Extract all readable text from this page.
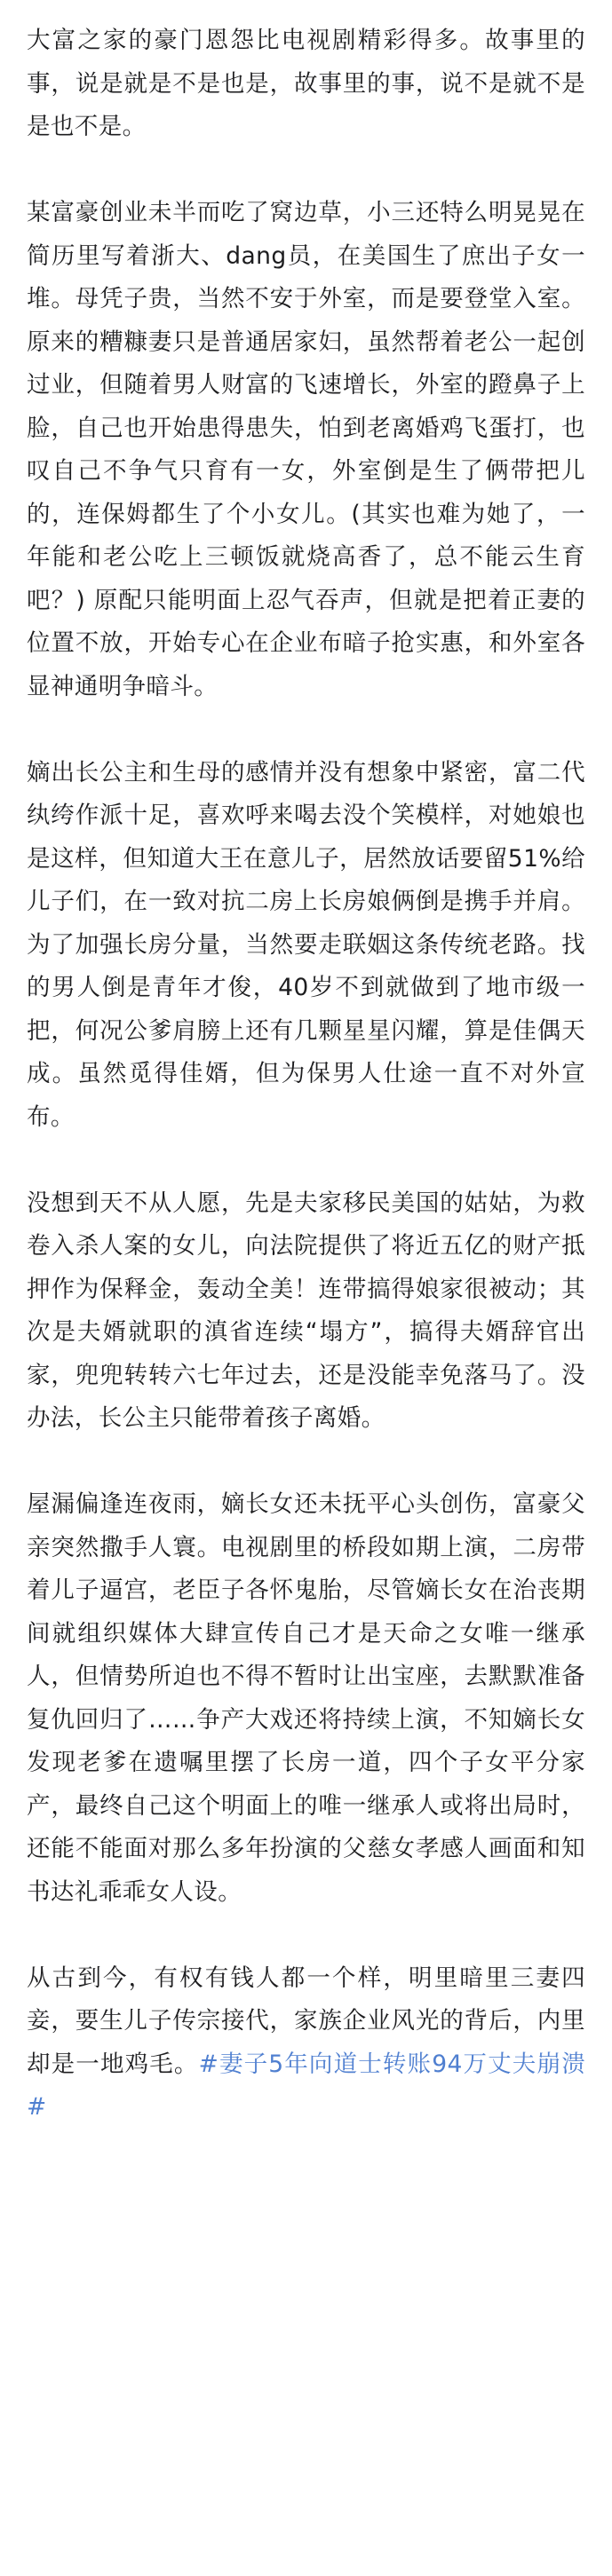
大富之家的豪门恩怨比电视剧精彩得多。故事里的事，说是就是不是也是，故事里的事，说不是就不是是也不是。

某富豪创业未半而吃了窝边草，小三还特么明晃晃在简历里写着浙大、dang员，在美国生了庶出子女一堆。母凭子贵，当然不安于外室，而是要登堂入室。原来的糟糠妻只是普通居家妇，虽然帮着老公一起创过业，但随着男人财富的飞速增长，外室的蹬鼻子上脸，自己也开始患得患失，怕到老离婚鸡飞蛋打，也叹自己不争气只育有一女，外室倒是生了俩带把儿的，连保姆都生了个小女儿。(其实也难为她了，一年能和老公吃上三顿饭就烧高香了，总不能云生育吧？) 原配只能明面上忍气吞声，但就是把着正妻的位置不放，开始专心在企业布暗子抢实惠，和外室各显神通明争暗斗。

嫡出长公主和生母的感情并没有想象中紧密，富二代纨绔作派十足，喜欢呼来喝去没个笑模样，对她娘也是这样，但知道大王在意儿子，居然放话要留51%给儿子们，在一致对抗二房上长房娘俩倒是携手并肩。为了加强长房分量，当然要走联姻这条传统老路。找的男人倒是青年才俊，40岁不到就做到了地市级一把，何况公爹肩膀上还有几颗星星闪耀，算是佳偶天成。虽然觅得佳婿，但为保男人仕途一直不对外宣布。

没想到天不从人愿，先是夫家移民美国的姑姑，为救卷入杀人案的女儿，向法院提供了将近五亿的财产抵押作为保释金，轰动全美！连带搞得娘家很被动；其次是夫婿就职的滇省连续“塌方”，搞得夫婿辞官出家，兜兜转转六七年过去，还是没能幸免落马了。没办法，长公主只能带着孩子离婚。

屋漏偏逢连夜雨，嫡长女还未抚平心头创伤，富豪父亲突然撒手人寰。电视剧里的桥段如期上演，二房带着儿子逼宫，老臣子各怀鬼胎，尽管嫡长女在治丧期间就组织媒体大肆宣传自己才是天命之女唯一继承人，但情势所迫也不得不暂时让出宝座，去默默准备复仇回归了……争产大戏还将持续上演，不知嫡长女发现老爹在遗嘱里摆了长房一道，四个子女平分家产，最终自己这个明面上的唯一继承人或将出局时，还能不能面对那么多年扮演的父慈女孝感人画面和知书达礼乖乖女人设。

从古到今，有权有钱人都一个样，明里暗里三妻四妾，要生儿子传宗接代，家族企业风光的背后，内里却是一地鸡毛。#妻子5年向道士转账94万丈夫崩溃#
